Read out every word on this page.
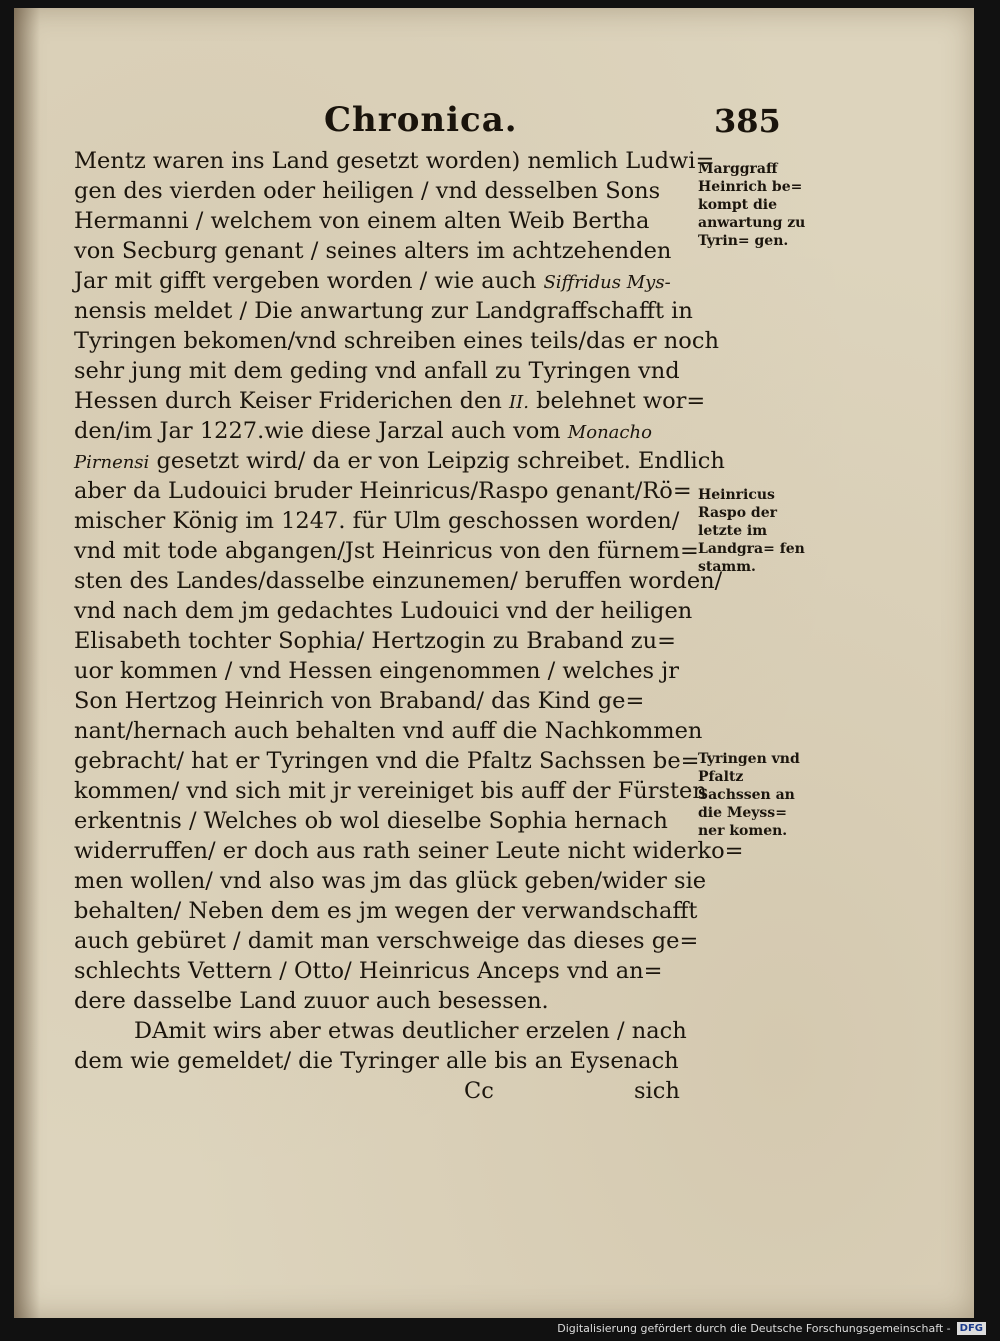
Chronica.	385
Mentz waren ins Land gesetzt worden) nemlich Ludwi=
gen des vierden oder heiligen / vnd desselben Sons
Hermanni / welchem von einem alten Weib Bertha
von Secburg genant / seines alters im achtzehenden
Jar mit gifft vergeben worden / wie auch Siffridus Mys-
nensis meldet / Die anwartung zur Landgraffschafft in
Tyringen bekomen/vnd schreiben eines teils/das er noch
sehr jung mit dem geding vnd anfall zu Tyringen vnd
Hessen durch Keiser Friderichen den II. belehnet wor=
den/im Jar 1227.wie diese Jarzal auch vom Monacho
Pirnensi gesetzt wird/ da er von Leipzig schreibet. Endlich
aber da Ludouici bruder Heinricus/Raspo genant/Rö=
mischer König im 1247. für Ulm geschossen worden/
vnd mit tode abgangen/Jst Heinricus von den fürnem=
sten des Landes/dasselbe einzunemen/ beruffen worden/
vnd nach dem jm gedachtes Ludouici vnd der heiligen
Elisabeth tochter Sophia/ Hertzogin zu Braband zu=
uor kommen / vnd Hessen eingenommen / welches jr
Son Hertzog Heinrich von Braband/ das Kind ge=
nant/hernach auch behalten vnd auff die Nachkommen
gebracht/ hat er Tyringen vnd die Pfaltz Sachssen be=
kommen/ vnd sich mit jr vereiniget bis auff der Fürsten
erkentnis / Welches ob wol dieselbe Sophia hernach
widerruffen/ er doch aus rath seiner Leute nicht widerko=
men wollen/ vnd also was jm das glück geben/wider sie
behalten/ Neben dem es jm wegen der verwandschafft
auch gebüret / damit man verschweige das dieses ge=
schlechts Vettern / Otto/ Heinricus Anceps vnd an=
dere dasselbe Land zuuor auch besessen.
DAmit wirs aber etwas deutlicher erzelen / nach
dem wie gemeldet/ die Tyringer alle bis an Eysenach
Cc	sich
Marggraff Heinrich be= kompt die anwartung zu Tyrin= gen.
Heinricus Raspo der letzte im Landgra= fen stamm.
Tyringen vnd Pfaltz Sachssen an die Meyss= ner komen.
Digitalisierung gefördert durch die Deutsche Forschungsgemeinschaft - DFG
